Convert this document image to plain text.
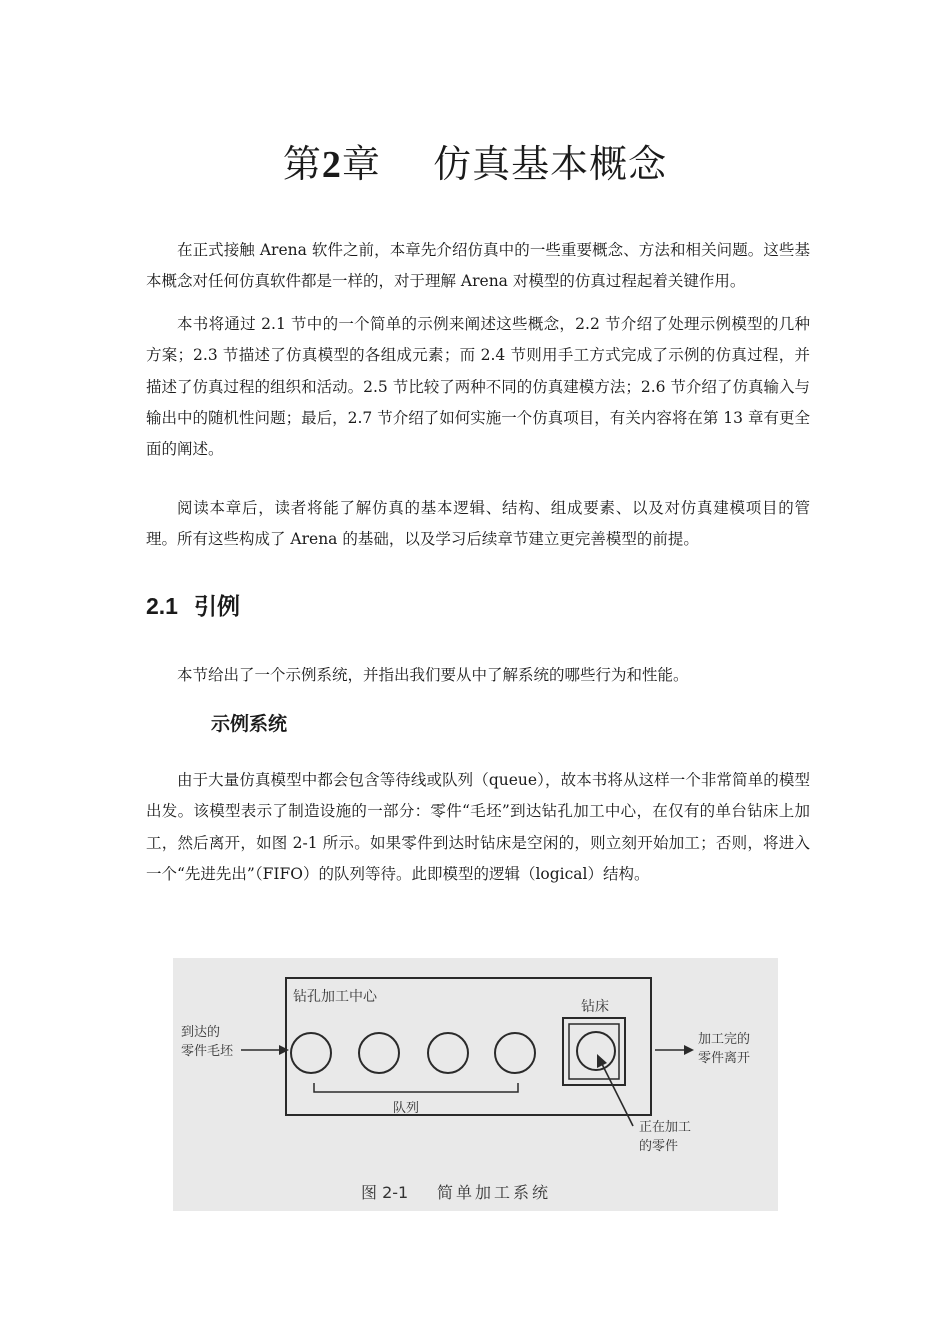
第2章 仿真基本概念

在正式接触 Arena 软件之前，本章先介绍仿真中的一些重要概念、方法和相关问题。这些基本概念对任何仿真软件都是一样的，对于理解 Arena 对模型的仿真过程起着关键作用。

本书将通过 2.1 节中的一个简单的示例来阐述这些概念，2.2 节介绍了处理示例模型的几种方案；2.3 节描述了仿真模型的各组成元素；而 2.4 节则用手工方式完成了示例的仿真过程，并描述了仿真过程的组织和活动。2.5 节比较了两种不同的仿真建模方法；2.6 节介绍了仿真输入与输出中的随机性问题；最后，2.7 节介绍了如何实施一个仿真项目，有关内容将在第 13 章有更全面的阐述。

阅读本章后，读者将能了解仿真的基本逻辑、结构、组成要素、以及对仿真建模项目的管理。所有这些构成了 Arena 的基础，以及学习后续章节建立更完善模型的前提。

2.1 引例

本节给出了一个示例系统，并指出我们要从中了解系统的哪些行为和性能。

示例系统

由于大量仿真模型中都会包含等待线或队列（queue），故本书将从这样一个非常简单的模型出发。该模型表示了制造设施的一部分：零件“毛坯”到达钻孔加工中心，在仅有的单台钻床上加工，然后离开，如图 2-1 所示。如果零件到达时钻床是空闲的，则立刻开始加工；否则，将进入一个“先进先出”（FIFO）的队列等待。此即模型的逻辑（logical）结构。

钻孔加工中心
到达的
零件毛坯
队列
钻床
加工完的
零件离开
正在加工
的零件
图 2-1 简单加工系统
